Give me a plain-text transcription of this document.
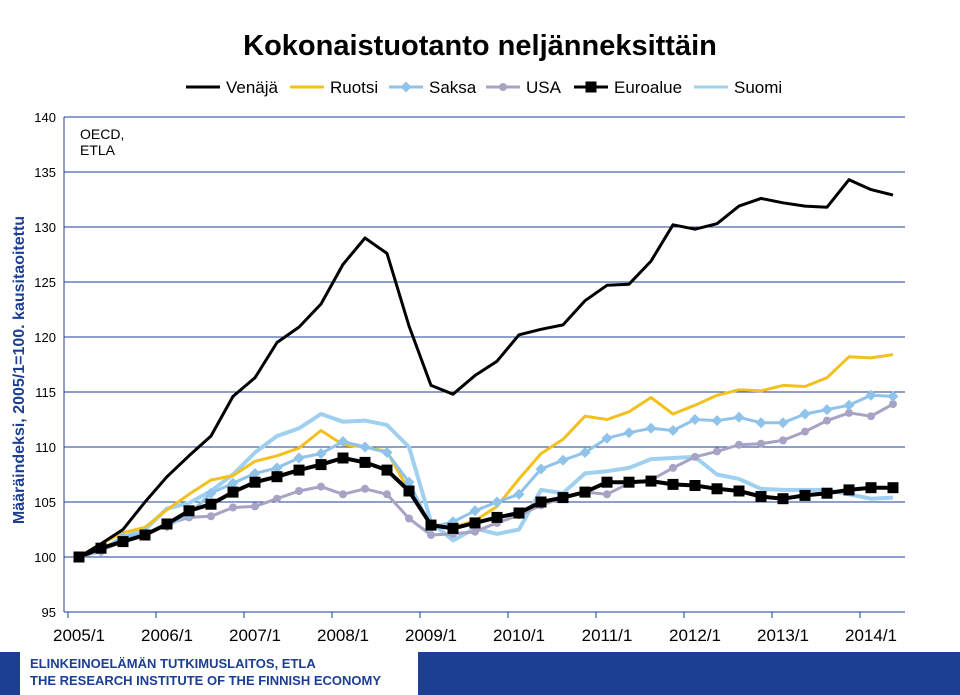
Kokonaistuotanto neljänneksittäin
Venäjä	Ruotsi	Saksa	USA	Euroalue	Suomi
95
100
105
110
115
120
125
130
135
140
2005/1 2006/1 2007/1 2008/1 2009/1 2010/1 2011/1 2012/1 2013/1 2014/1
Määräindeksi, 2005/1=100. kausitaoitettu
OECD, ETLA
ELINKEINOELÄMÄN TUTKIMUSLAITOS, ETLA
THE RESEARCH INSTITUTE OF THE FINNISH ECONOMY
